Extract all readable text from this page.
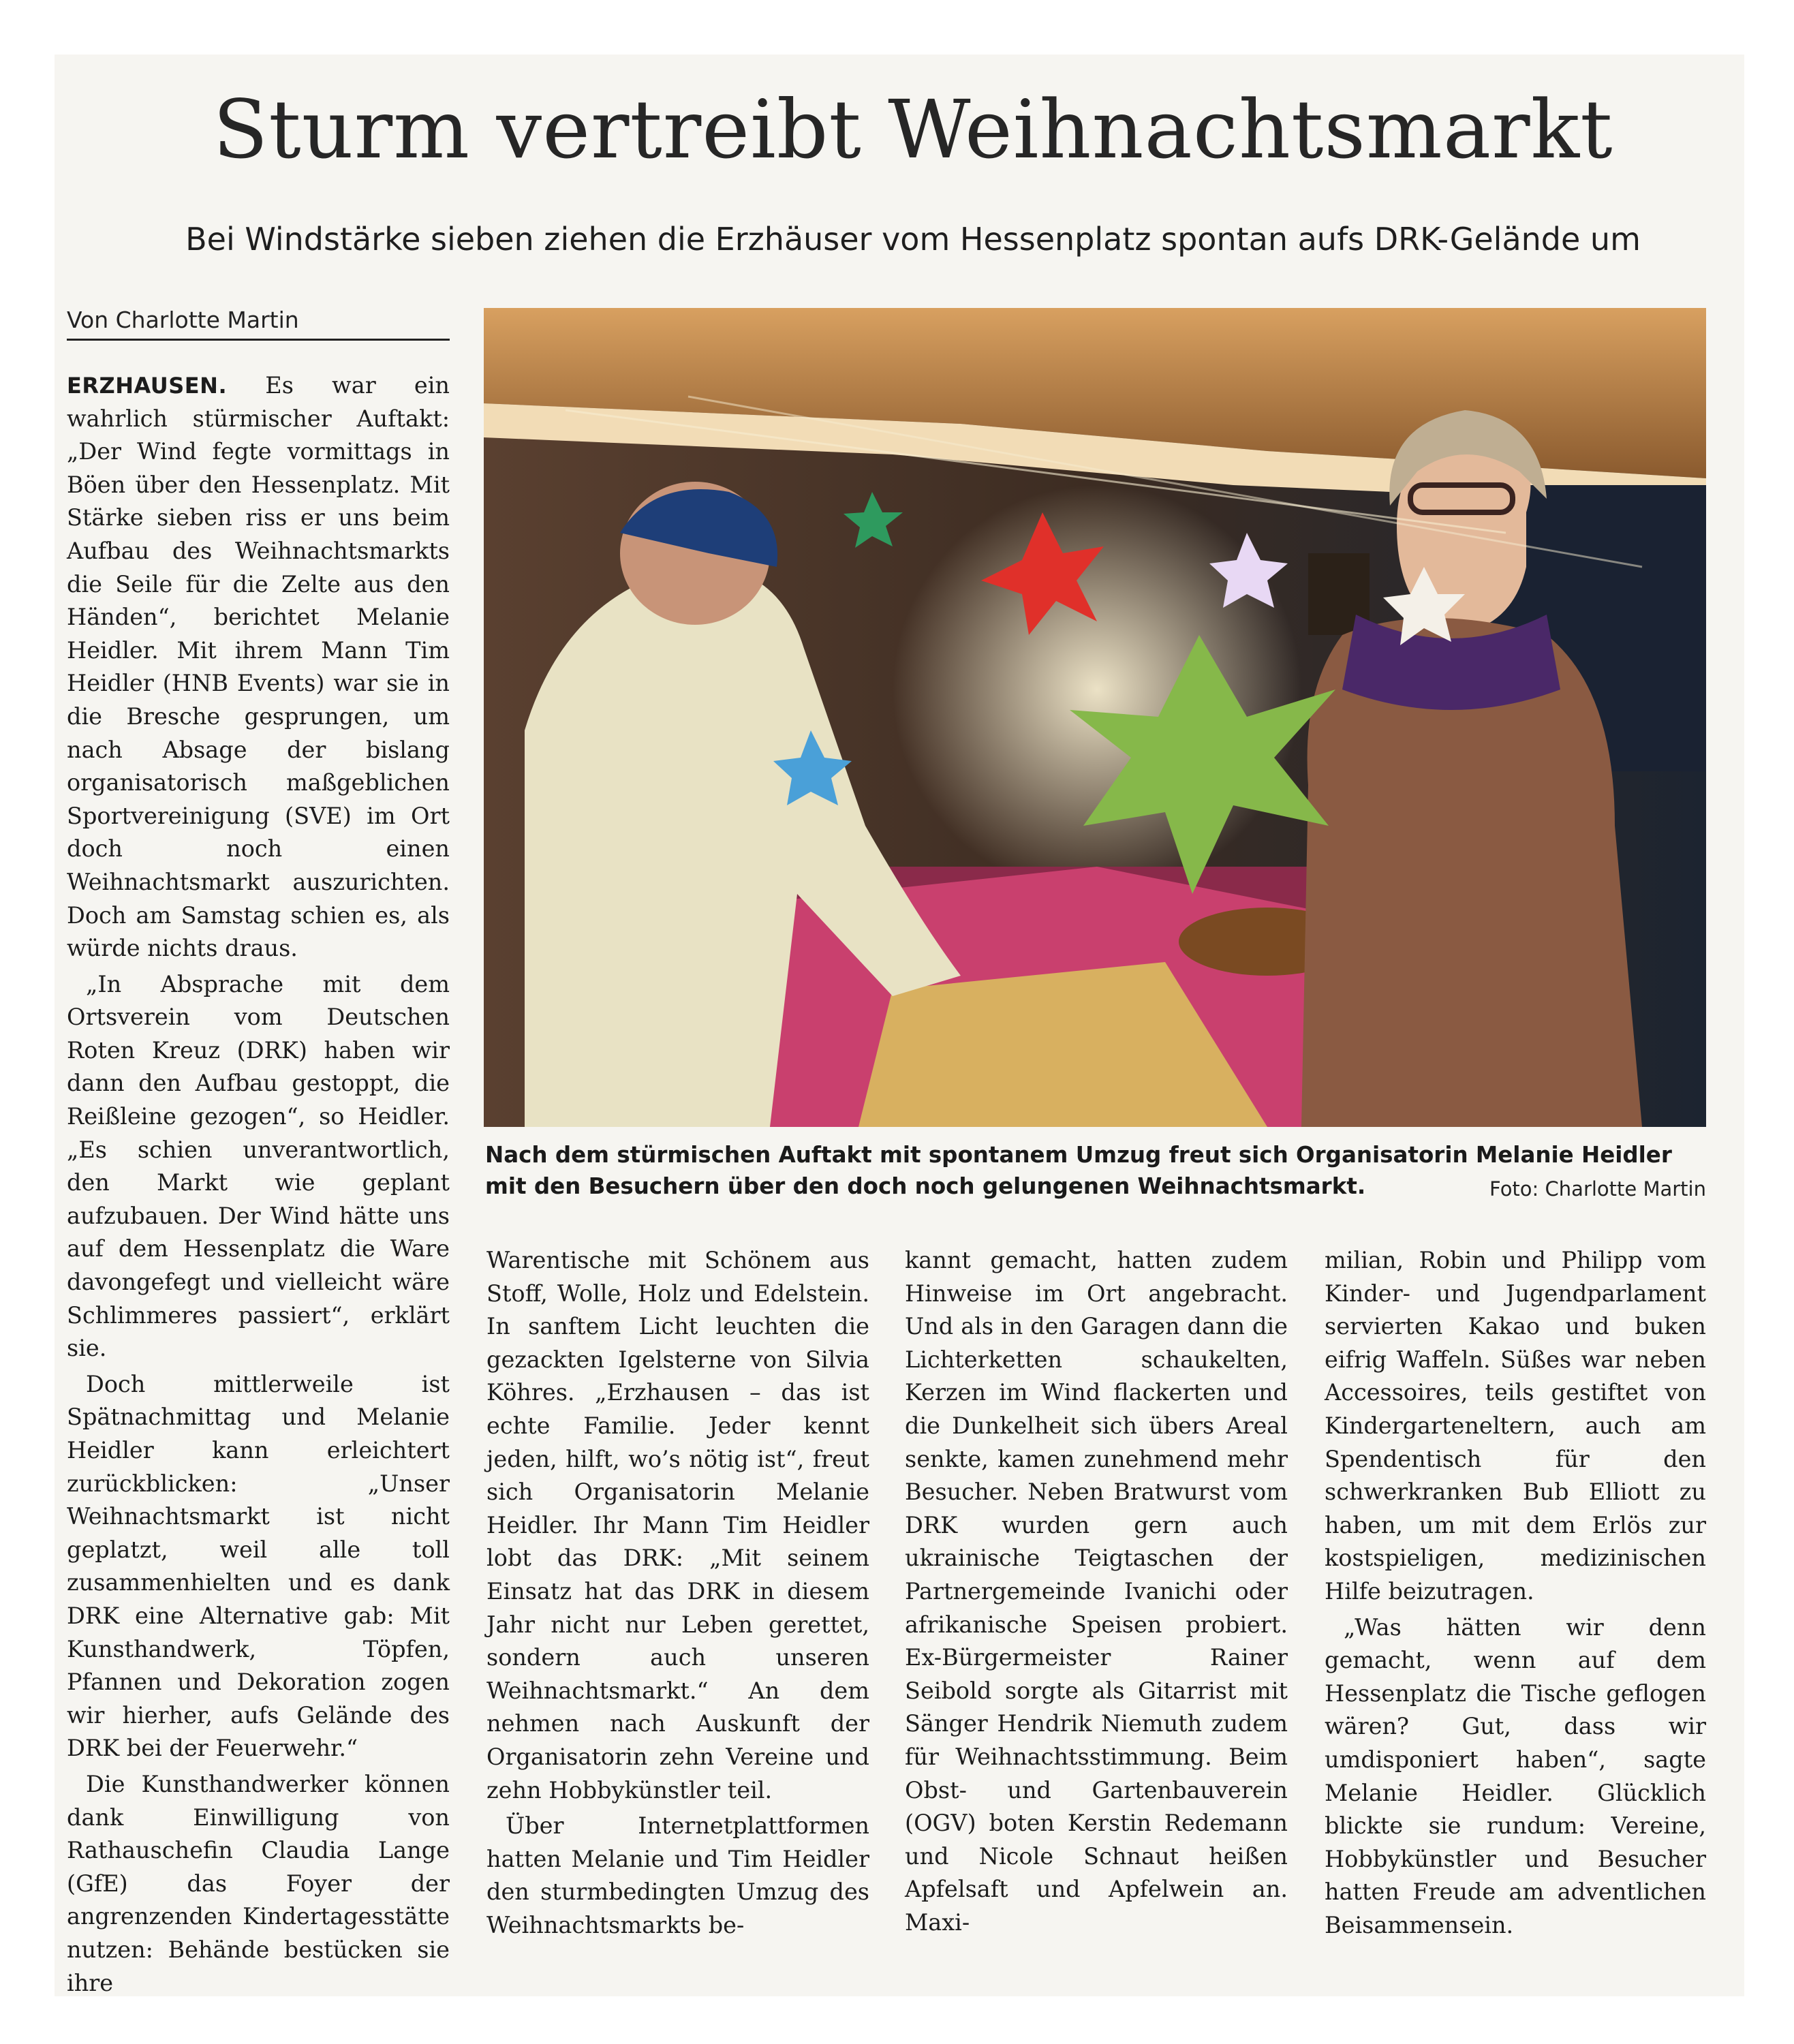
Sturm vertreibt Weihnachtsmarkt
Bei Windstärke sieben ziehen die Erzhäuser vom Hessenplatz spontan aufs DRK-Gelände um
Von Charlotte Martin

ERZHAUSEN. Es war ein wahrlich stürmischer Auftakt: „Der Wind fegte vormittags in Böen über den Hessenplatz. Mit Stärke sieben riss er uns beim Aufbau des Weihnachtsmarkts die Seile für die Zelte aus den Händen“, berichtet Melanie Heidler. Mit ihrem Mann Tim Heidler (HNB Events) war sie in die Bresche gesprungen, um nach Absage der bislang organisatorisch maßgeblichen Sportvereinigung (SVE) im Ort doch noch einen Weihnachtsmarkt auszurichten. Doch am Samstag schien es, als würde nichts draus.

„In Absprache mit dem Ortsverein vom Deutschen Roten Kreuz (DRK) haben wir dann den Aufbau gestoppt, die Reißleine gezogen“, so Heidler. „Es schien unverantwortlich, den Markt wie geplant aufzubauen. Der Wind hätte uns auf dem Hessenplatz die Ware davongefegt und vielleicht wäre Schlimmeres passiert“, erklärt sie.

Doch mittlerweile ist Spätnachmittag und Melanie Heidler kann erleichtert zurückblicken: „Unser Weihnachtsmarkt ist nicht geplatzt, weil alle toll zusammenhielten und es dank DRK eine Alternative gab: Mit Kunsthandwerk, Töpfen, Pfannen und Dekoration zogen wir hierher, aufs Gelände des DRK bei der Feuerwehr.“

Die Kunsthandwerker können dank Einwilligung von Rathauschefin Claudia Lange (GfE) das Foyer der angrenzenden Kindertagesstätte nutzen: Behände bestücken sie ihre

Nach dem stürmischen Auftakt mit spontanem Umzug freut sich Organisatorin Melanie Heidler mit den Besuchern über den doch noch gelungenen Weihnachtsmarkt.	Foto: Charlotte Martin

Warentische mit Schönem aus Stoff, Wolle, Holz und Edelstein. In sanftem Licht leuchten die gezackten Igelsterne von Silvia Köhres. „Erzhausen – das ist echte Familie. Jeder kennt jeden, hilft, wo’s nötig ist“, freut sich Organisatorin Melanie Heidler. Ihr Mann Tim Heidler lobt das DRK: „Mit seinem Einsatz hat das DRK in diesem Jahr nicht nur Leben gerettet, sondern auch unseren Weihnachtsmarkt.“ An dem nehmen nach Auskunft der Organisatorin zehn Vereine und zehn Hobbykünstler teil.

Über Internetplattformen hatten Melanie und Tim Heidler den sturmbedingten Umzug des Weihnachtsmarkts be-

kannt gemacht, hatten zudem Hinweise im Ort angebracht. Und als in den Garagen dann die Lichterketten schaukelten, Kerzen im Wind flackerten und die Dunkelheit sich übers Areal senkte, kamen zunehmend mehr Besucher. Neben Bratwurst vom DRK wurden gern auch ukrainische Teigtaschen der Partnergemeinde Ivanichi oder afrikanische Speisen probiert. Ex-Bürgermeister Rainer Seibold sorgte als Gitarrist mit Sänger Hendrik Niemuth zudem für Weihnachtsstimmung. Beim Obst- und Gartenbauverein (OGV) boten Kerstin Redemann und Nicole Schnaut heißen Apfelsaft und Apfelwein an. Maxi-

milian, Robin und Philipp vom Kinder- und Jugendparlament servierten Kakao und buken eifrig Waffeln. Süßes war neben Accessoires, teils gestiftet von Kindergarteneltern, auch am Spendentisch für den schwerkranken Bub Elliott zu haben, um mit dem Erlös zur kostspieligen, medizinischen Hilfe beizutragen.

„Was hätten wir denn gemacht, wenn auf dem Hessenplatz die Tische geflogen wären? Gut, dass wir umdisponiert haben“, sagte Melanie Heidler. Glücklich blickte sie rundum: Vereine, Hobbykünstler und Besucher hatten Freude am adventlichen Beisammensein.
